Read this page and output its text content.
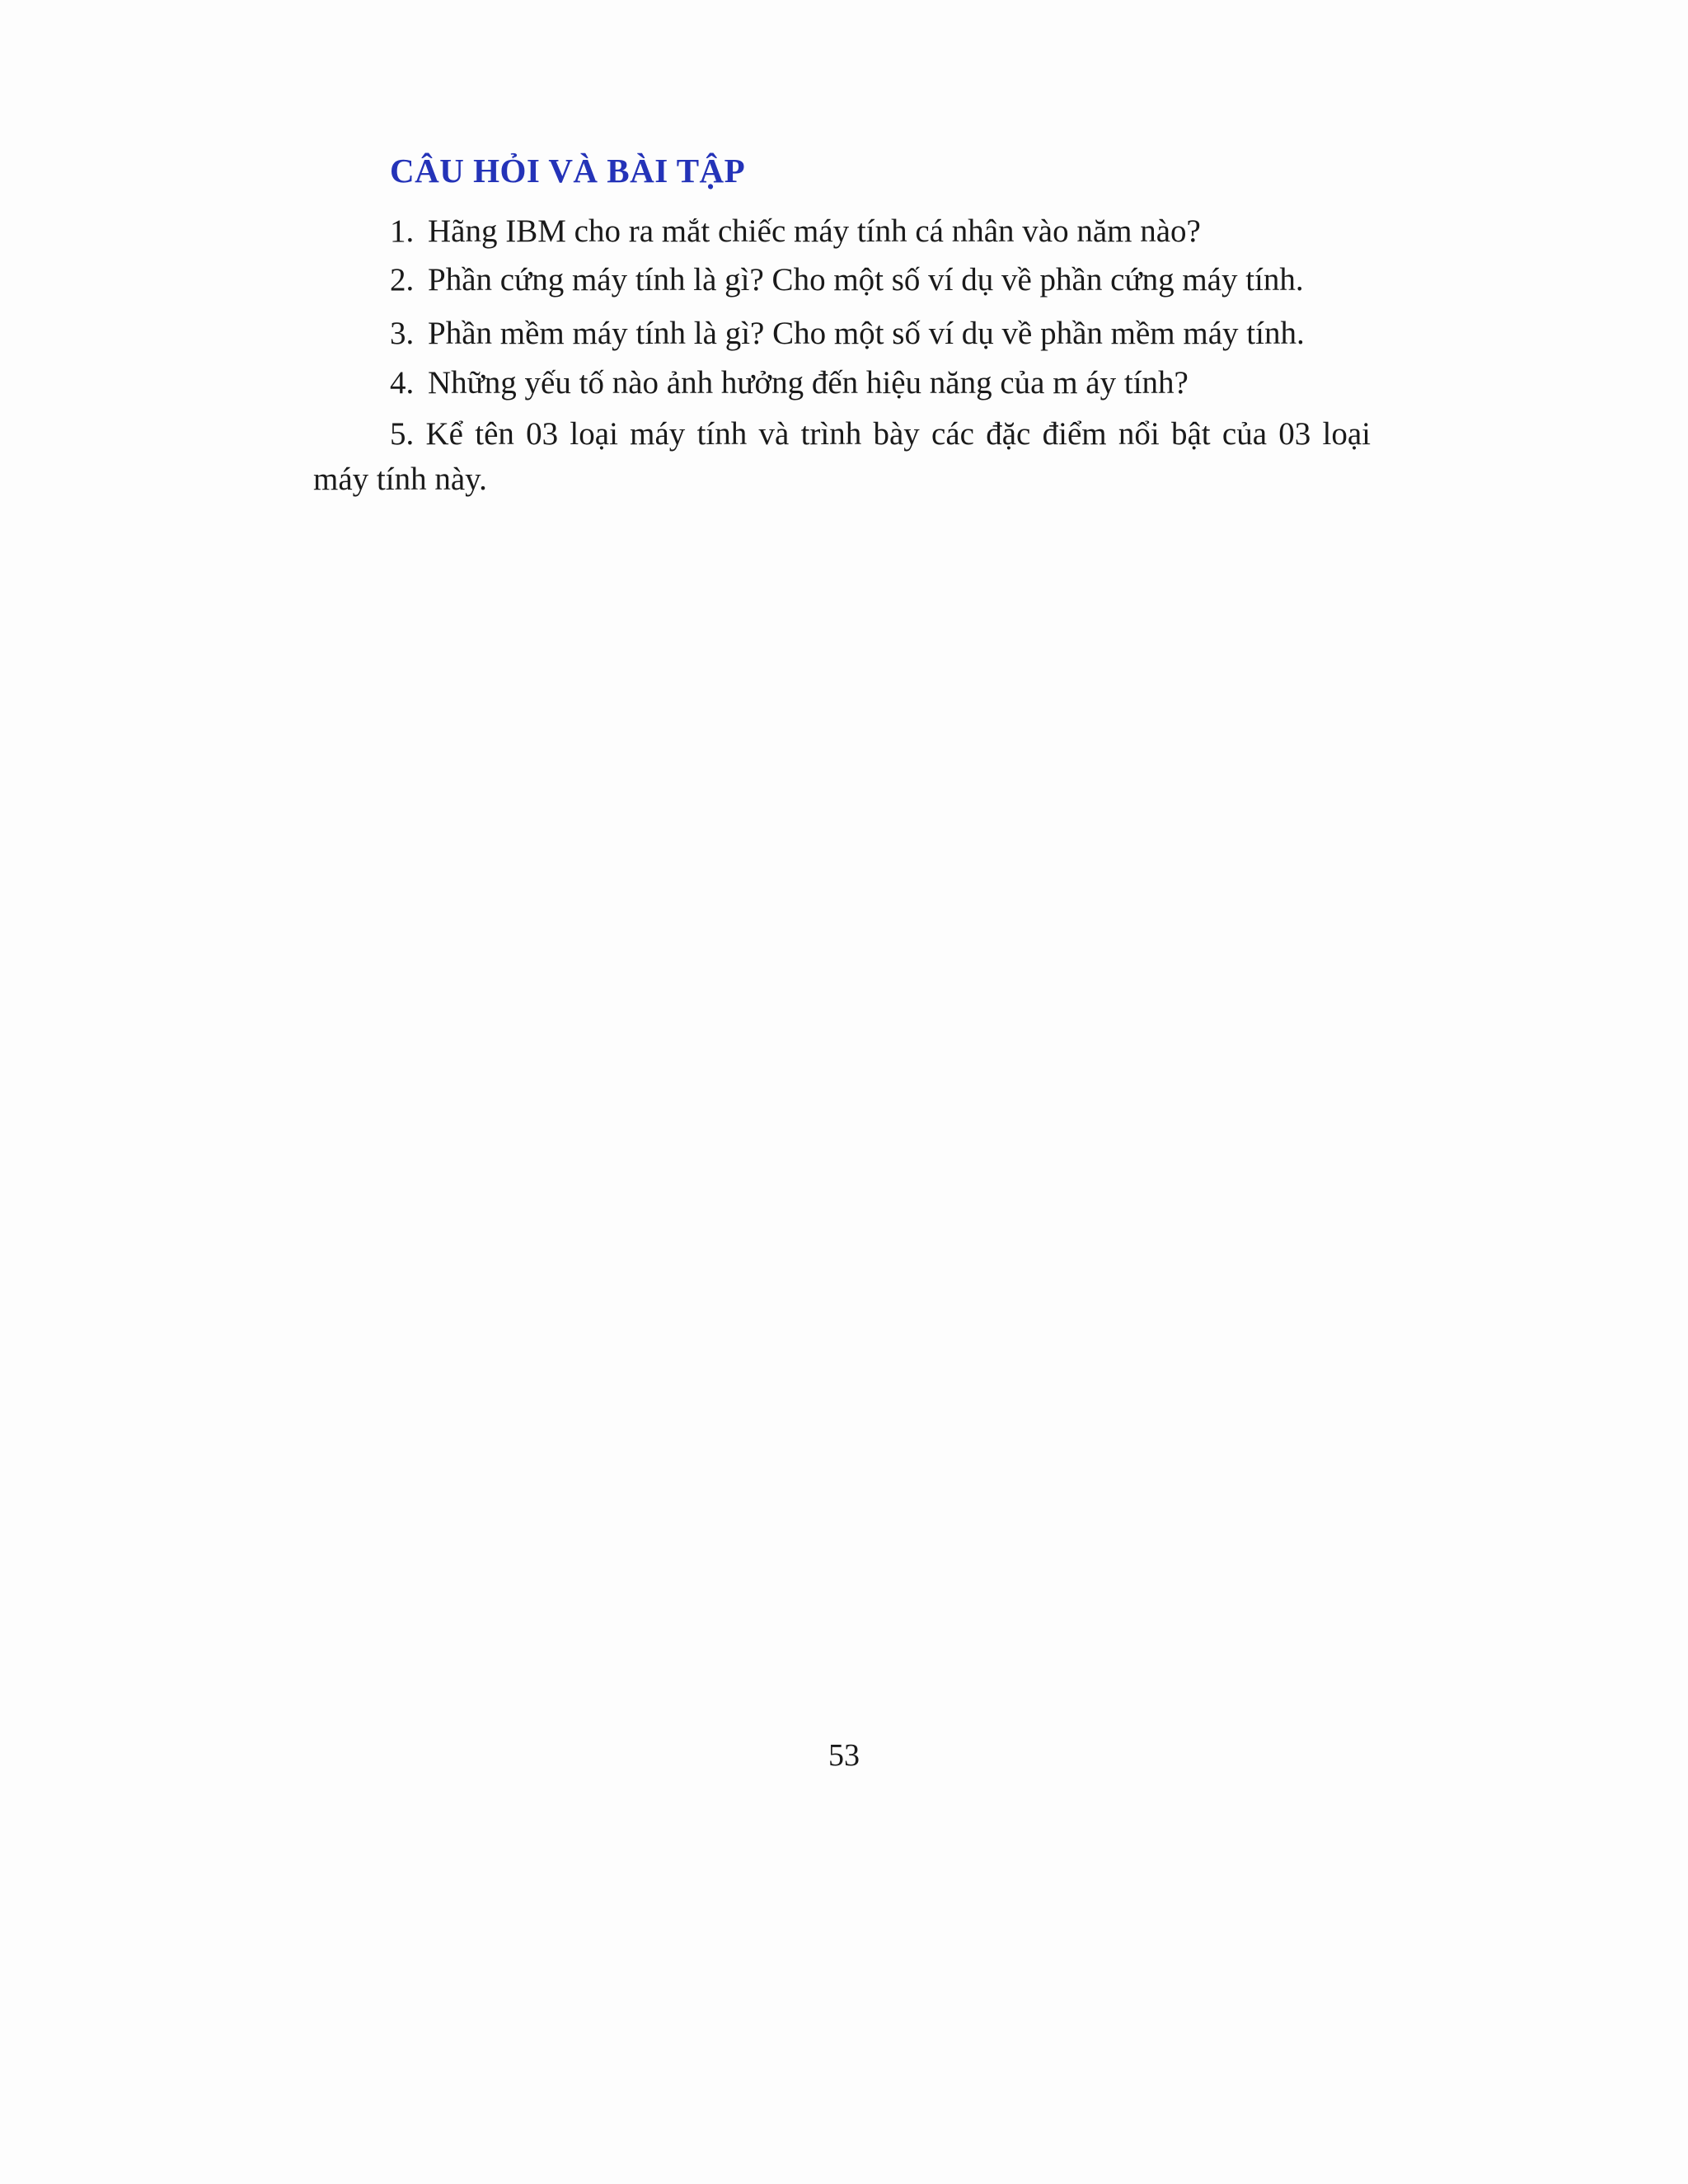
CÂU HỎI VÀ BÀI TẬP
1. Hãng IBM cho ra mắt chiếc máy tính cá nhân vào năm nào?
2. Phần cứng máy tính là gì? Cho một số ví dụ về phần cứng máy tính.
3. Phần mềm máy tính là gì? Cho một số ví dụ về phần mềm máy tính.
4. Những yếu tố nào ảnh hưởng đến hiệu năng của m áy tính?
5. Kể tên 03 loại máy tính và trình bày các đặc điểm nổi bật của 03 loại máy tính này.
53
